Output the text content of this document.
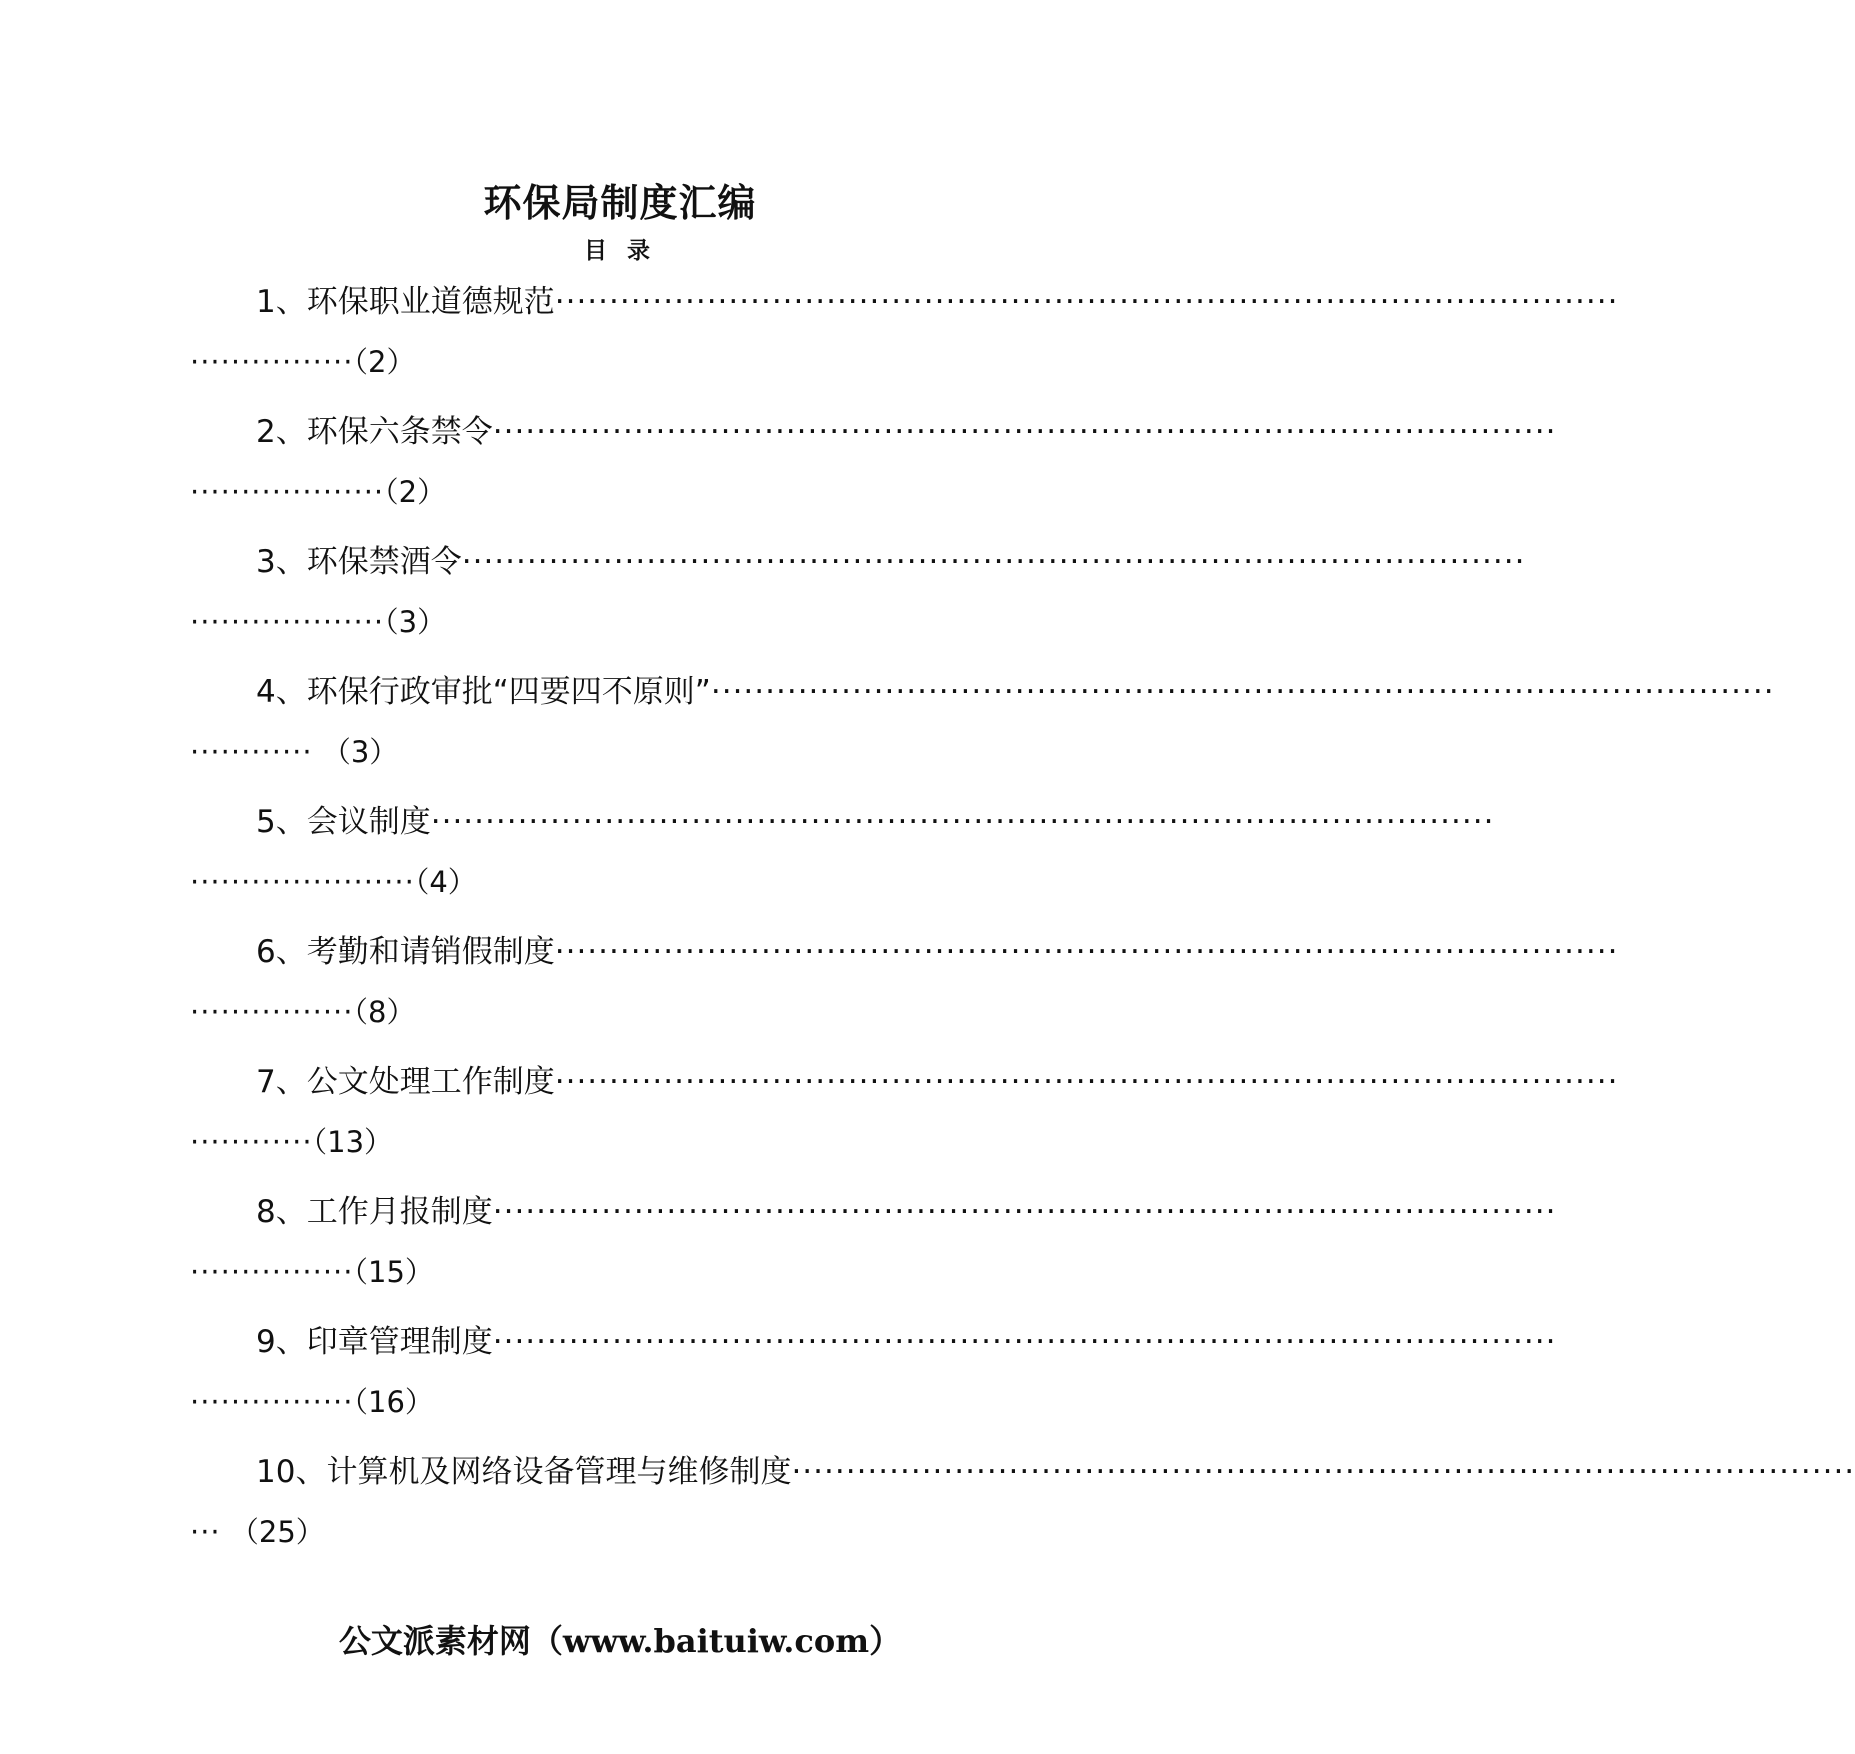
环保局制度汇编
目 录
1、 环保职业道德规范 ··································································································
················（2）
2、 环保六条禁令 ··································································································
···················（2）
3、 环保禁酒令 ··································································································
···················（3）
4、 环保行政审批“四要四不原则” ··································································································
············ （3）
5、 会议制度 ··································································································
······················（4）
6、 考勤和请销假制度 ··································································································
················（8）
7、 公文处理工作制度 ··································································································
············（13）
8、 工作月报制度 ··································································································
················（15）
9、 印章管理制度 ··································································································
················（16）
10、 计算机及网络设备管理与维修制度 ··································································································
··· （25）
公文派素材网（www.baituiw.com）
